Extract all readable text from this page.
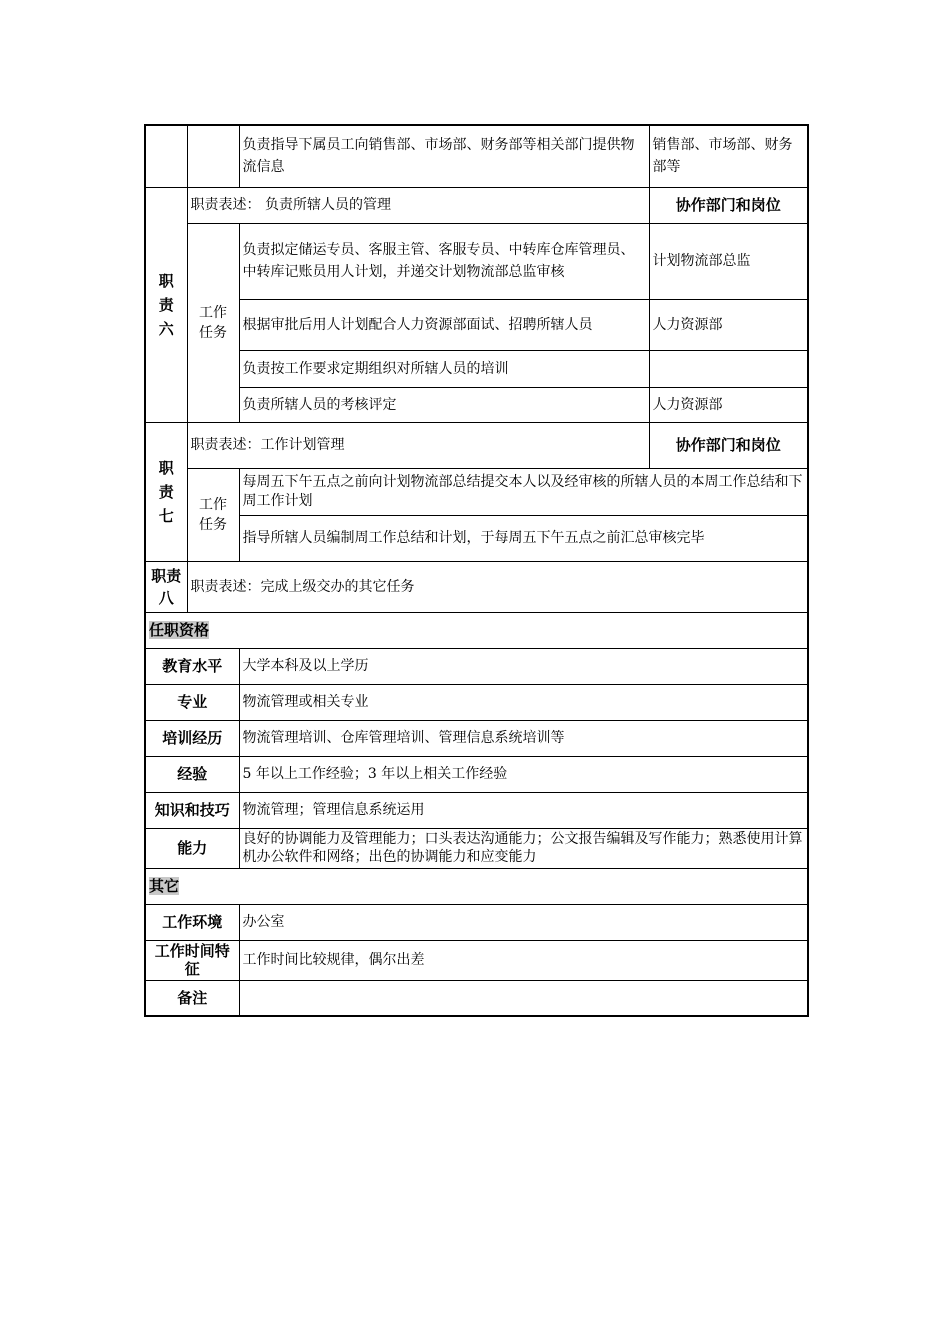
		负责指导下属员工向销售部、市场部、财务部等相关部门提供物流信息	销售部、市场部、财务部等
职
责
六	职责表述： 负责所辖人员的管理		协作部门和岗位
	工作
任务	负责拟定储运专员、客服主管、客服专员、中转库仓库管理员、中转库记账员用人计划，并递交计划物流部总监审核	计划物流部总监
		根据审批后用人计划配合人力资源部面试、招聘所辖人员	人力资源部
		负责按工作要求定期组织对所辖人员的培训	
		负责所辖人员的考核评定	人力资源部
职
责
七	职责表述：工作计划管理		协作部门和岗位
	工作
任务	每周五下午五点之前向计划物流部总结提交本人以及经审核的所辖人员的本周工作总结和下周工作计划	
		指导所辖人员编制周工作总结和计划，于每周五下午五点之前汇总审核完毕	
职责
八	职责表述：完成上级交办的其它任务		
任职资格			
教育水平		大学本科及以上学历	
专业		物流管理或相关专业	
培训经历		物流管理培训、仓库管理培训、管理信息系统培训等	
经验		5 年以上工作经验；3 年以上相关工作经验	
知识和技巧		物流管理；管理信息系统运用	
能力		良好的协调能力及管理能力；口头表达沟通能力；公文报告编辑及写作能力；熟悉使用计算机办公软件和网络；出色的协调能力和应变能力	
其它			
工作环境		办公室	
工作时间特征		工作时间比较规律，偶尔出差	
备注			
